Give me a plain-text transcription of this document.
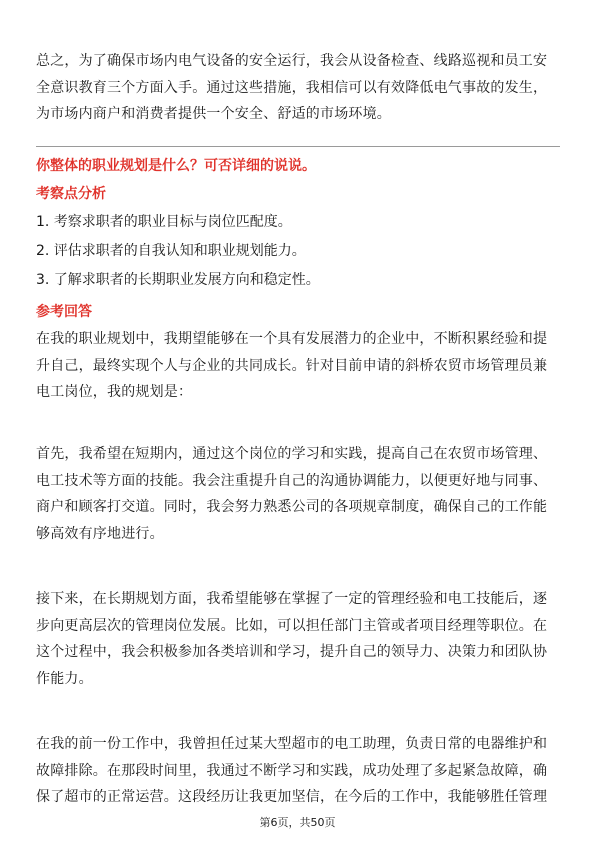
总之，为了确保市场内电气设备的安全运行，我会从设备检查、线路巡视和员工安全意识教育三个方面入手。通过这些措施，我相信可以有效降低电气事故的发生，为市场内商户和消费者提供一个安全、舒适的市场环境。

你整体的职业规划是什么？可否详细的说说。

考察点分析

1. 考察求职者的职业目标与岗位匹配度。

2. 评估求职者的自我认知和职业规划能力。

3. 了解求职者的长期职业发展方向和稳定性。

参考回答

在我的职业规划中，我期望能够在一个具有发展潜力的企业中，不断积累经验和提升自己，最终实现个人与企业的共同成长。针对目前申请的斜桥农贸市场管理员兼电工岗位，我的规划是：

首先，我希望在短期内，通过这个岗位的学习和实践，提高自己在农贸市场管理、电工技术等方面的技能。我会注重提升自己的沟通协调能力，以便更好地与同事、商户和顾客打交道。同时，我会努力熟悉公司的各项规章制度，确保自己的工作能够高效有序地进行。

接下来，在长期规划方面，我希望能够在掌握了一定的管理经验和电工技能后，逐步向更高层次的管理岗位发展。比如，可以担任部门主管或者项目经理等职位。在这个过程中，我会积极参加各类培训和学习，提升自己的领导力、决策力和团队协作能力。

在我的前一份工作中，我曾担任过某大型超市的电工助理，负责日常的电器维护和故障排除。在那段时间里，我通过不断学习和实践，成功处理了多起紧急故障，确保了超市的正常运营。这段经历让我更加坚信，在今后的工作中，我能够胜任管理

第6页，共50页
